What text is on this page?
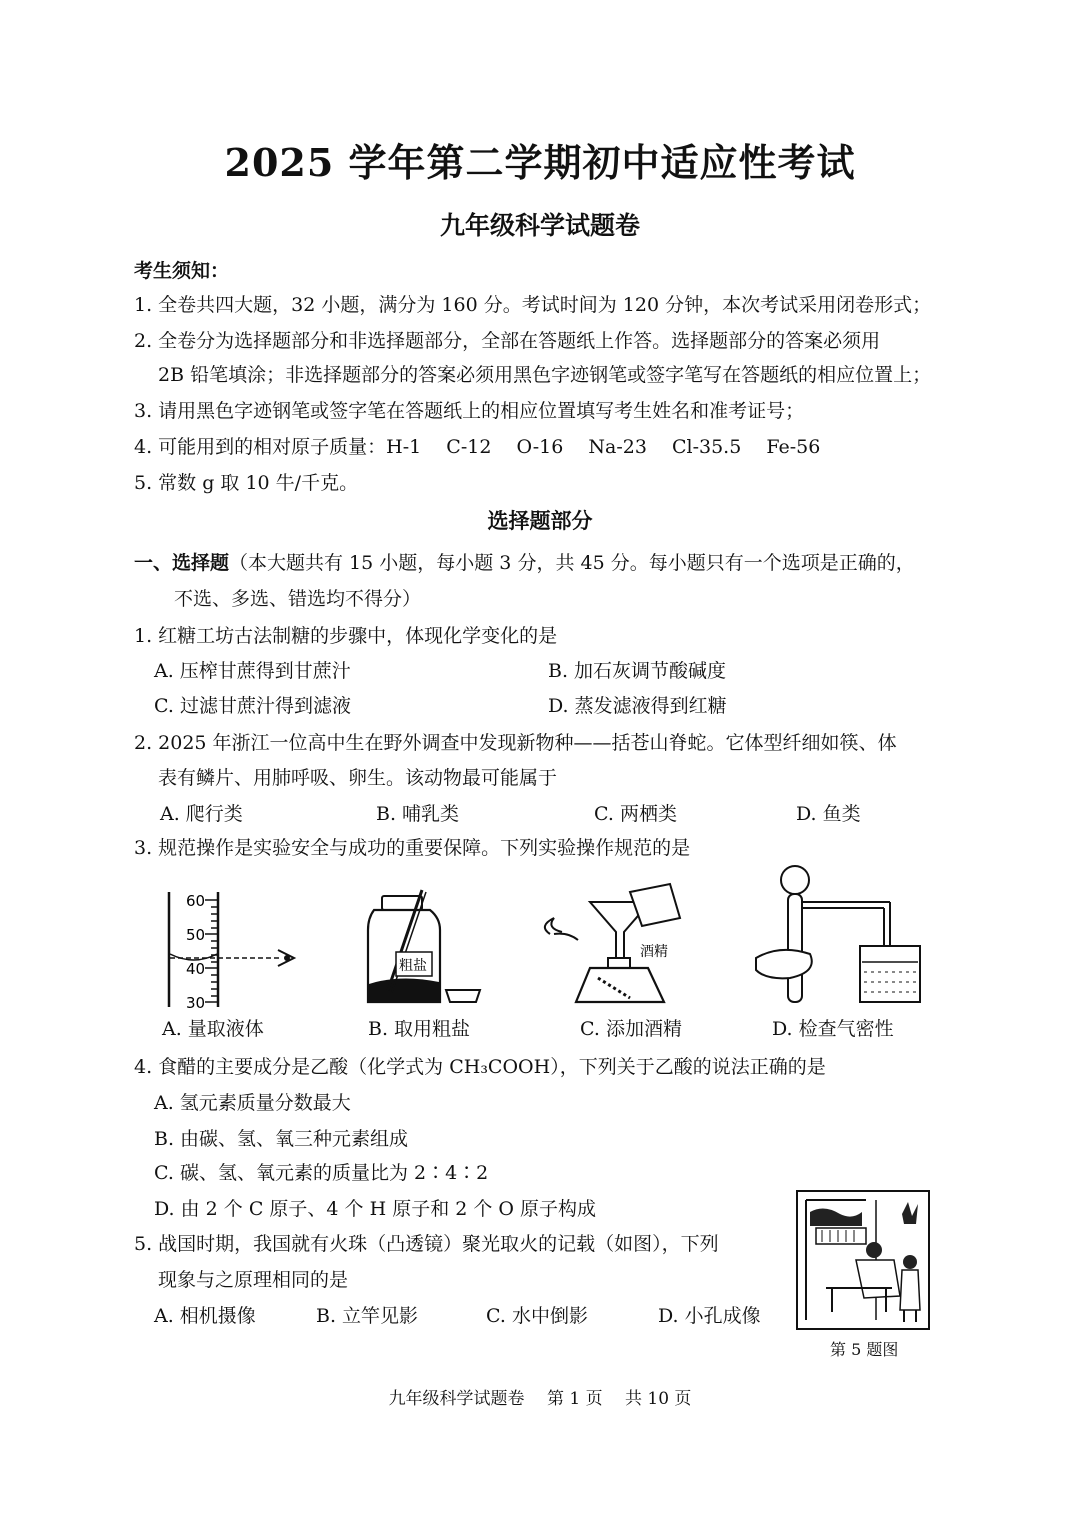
2025 学年第二学期初中适应性考试
九年级科学试题卷
考生须知：
1. 全卷共四大题，32 小题，满分为 160 分。考试时间为 120 分钟，本次考试采用闭卷形式；
2. 全卷分为选择题部分和非选择题部分，全部在答题纸上作答。选择题部分的答案必须用
2B 铅笔填涂；非选择题部分的答案必须用黑色字迹钢笔或签字笔写在答题纸的相应位置上；
3. 请用黑色字迹钢笔或签字笔在答题纸上的相应位置填写考生姓名和准考证号；
4. 可能用到的相对原子质量：H-1　 C-12　 O-16　 Na-23　 Cl-35.5　 Fe-56
5. 常数 g 取 10 牛/千克。
选择题部分
一、选择题（本大题共有 15 小题，每小题 3 分，共 45 分。每小题只有一个选项是正确的，
不选、多选、错选均不得分）
1. 红糖工坊古法制糖的步骤中，体现化学变化的是
A. 压榨甘蔗得到甘蔗汁	B. 加石灰调节酸碱度
C. 过滤甘蔗汁得到滤液	D. 蒸发滤液得到红糖
2. 2025 年浙江一位高中生在野外调查中发现新物种——括苍山脊蛇。它体型纤细如筷、体
表有鳞片、用肺呼吸、卵生。该动物最可能属于
A. 爬行类	B. 哺乳类	C. 两栖类	D. 鱼类
3. 规范操作是实验安全与成功的重要保障。下列实验操作规范的是
60
50
40
30
粗盐
酒精
A. 量取液体	B. 取用粗盐	C. 添加酒精	D. 检查气密性
4. 食醋的主要成分是乙酸（化学式为 CH₃COOH），下列关于乙酸的说法正确的是
A. 氢元素质量分数最大
B. 由碳、氢、氧三种元素组成
C. 碳、氢、氧元素的质量比为 2∶4∶2
D. 由 2 个 C 原子、4 个 H 原子和 2 个 O 原子构成
5. 战国时期，我国就有火珠（凸透镜）聚光取火的记载（如图），下列
现象与之原理相同的是
A. 相机摄像	B. 立竿见影	C. 水中倒影	D. 小孔成像
第 5 题图
九年级科学试题卷　 第 1 页　 共 10 页
